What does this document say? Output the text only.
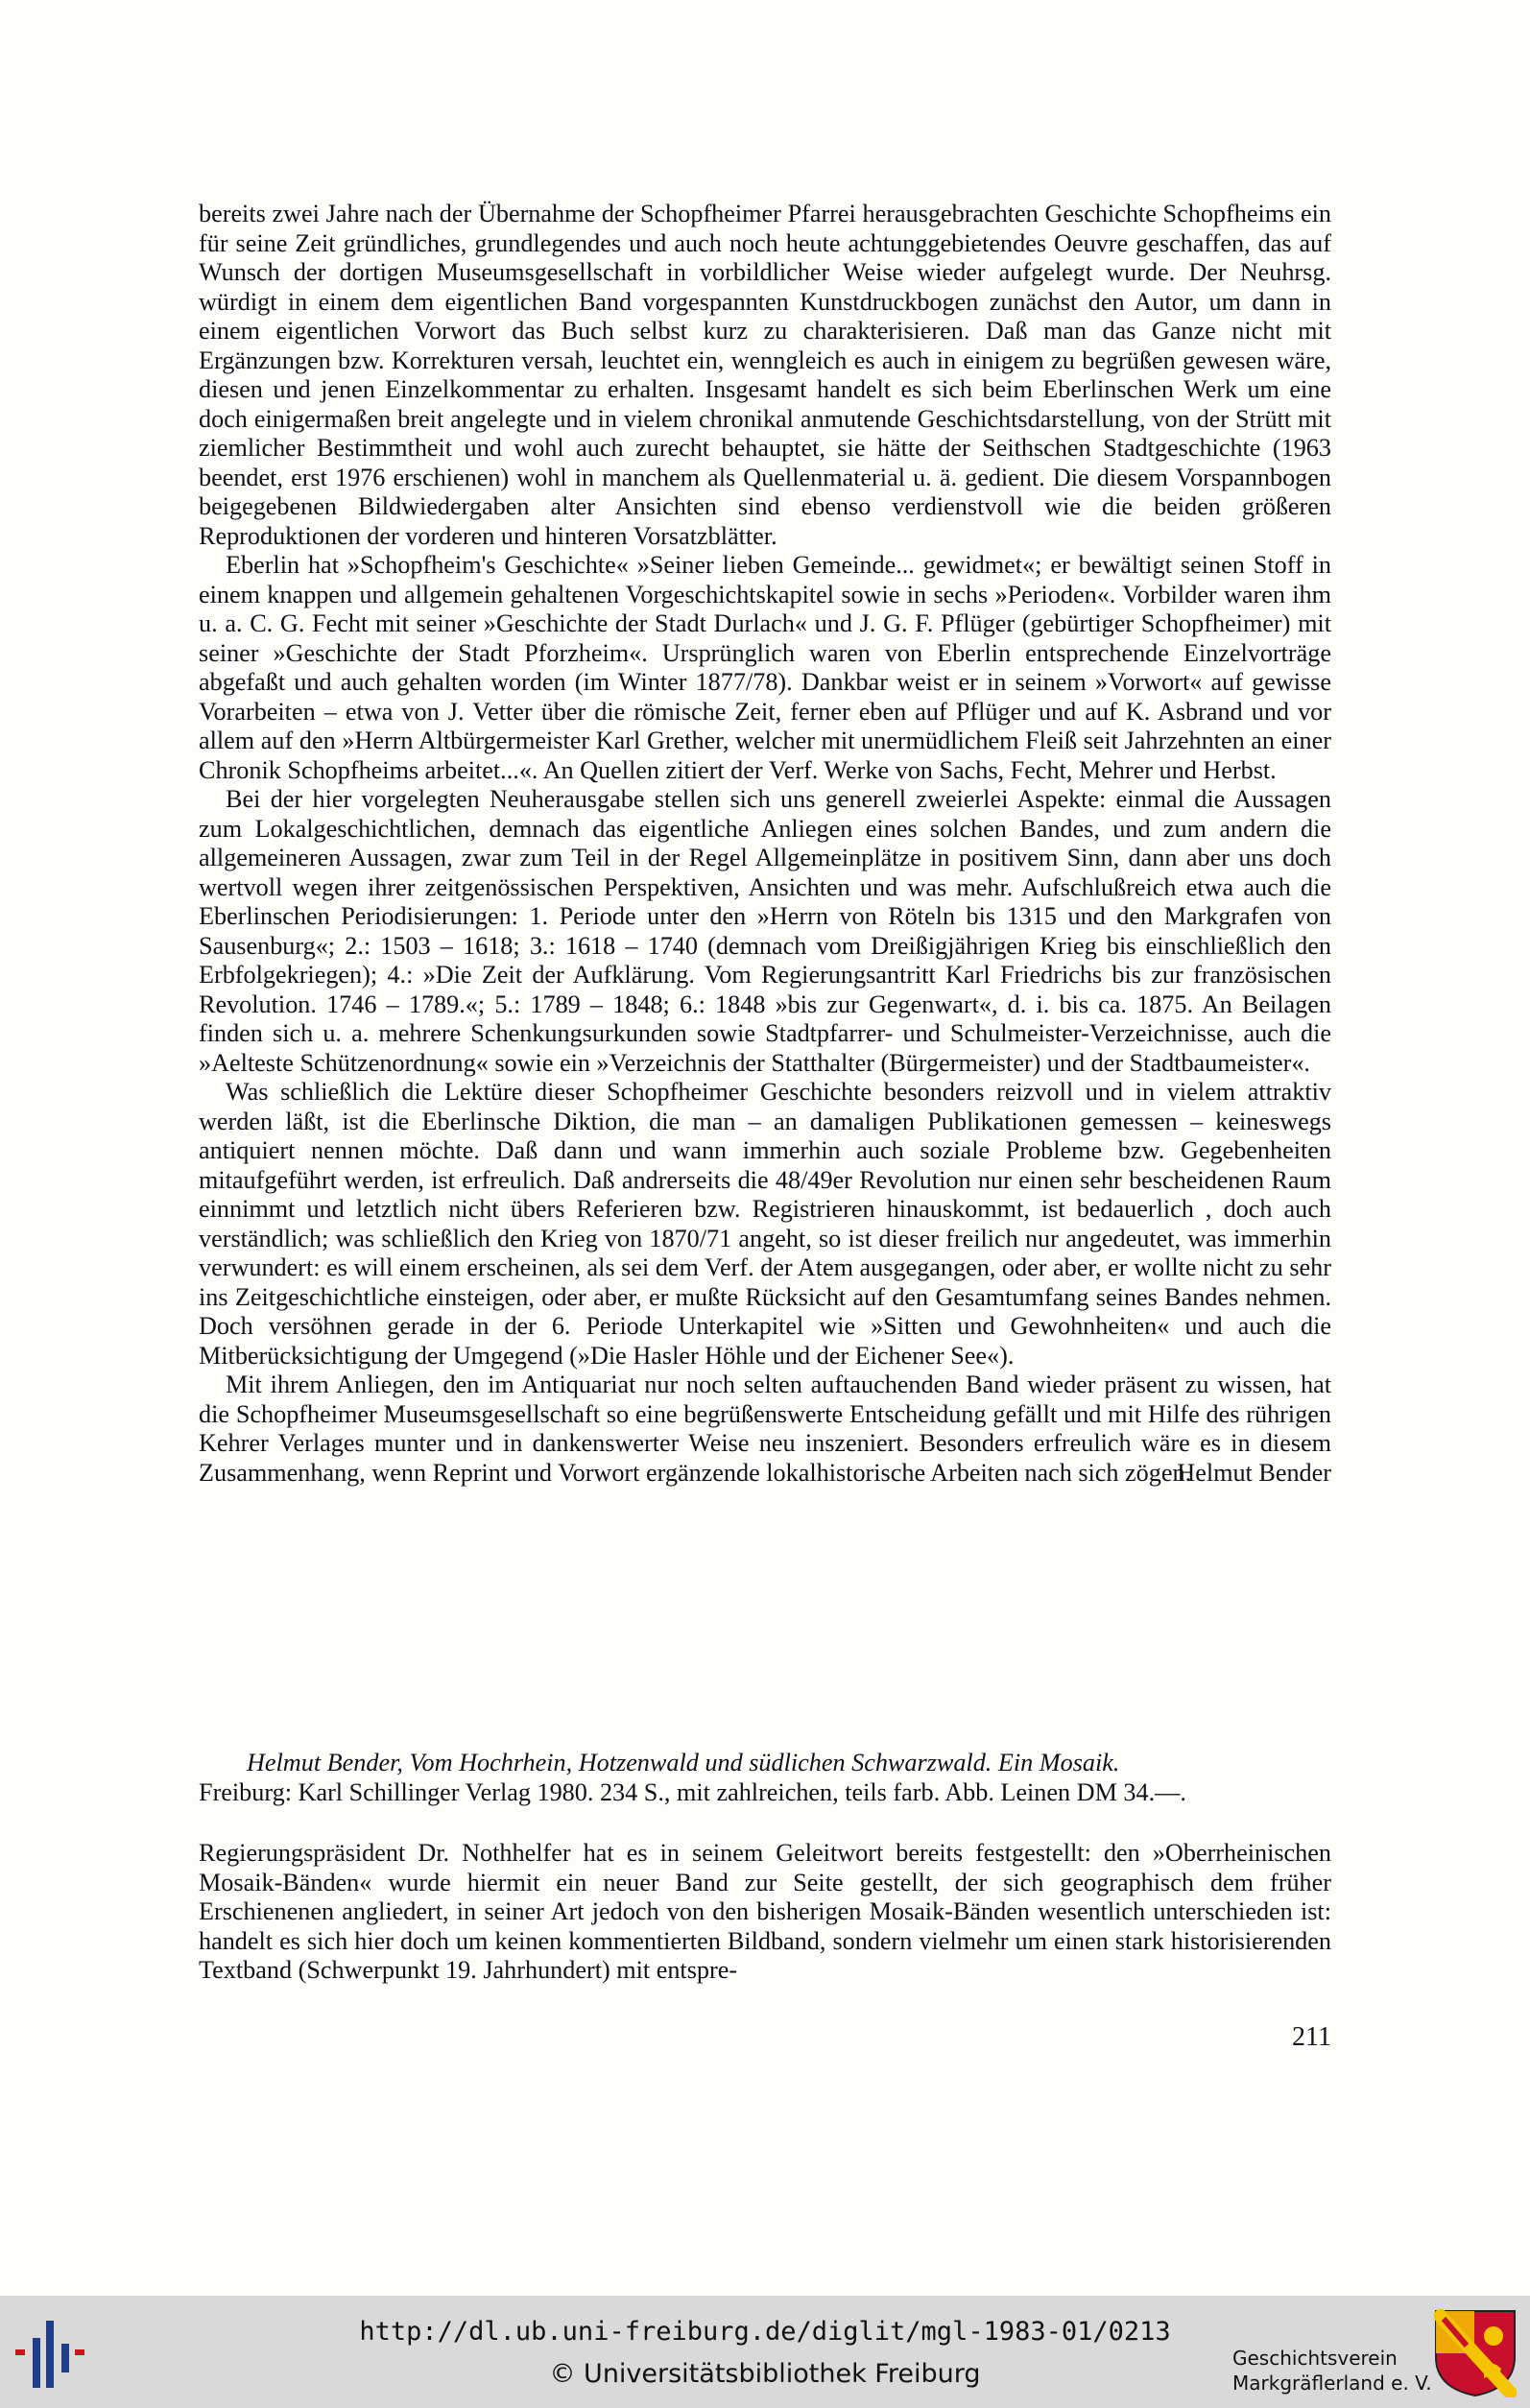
bereits zwei Jahre nach der Übernahme der Schopfheimer Pfarrei herausgebrachten Geschichte Schopfheims ein für seine Zeit gründliches, grundlegendes und auch noch heute achtunggebietendes Oeuvre geschaffen, das auf Wunsch der dortigen Museumsgesellschaft in vorbildlicher Weise wieder aufgelegt wurde. Der Neuhrsg. würdigt in einem dem eigentlichen Band vorgespannten Kunstdruckbogen zunächst den Autor, um dann in einem eigentlichen Vorwort das Buch selbst kurz zu charakterisieren. Daß man das Ganze nicht mit Ergänzungen bzw. Korrekturen versah, leuchtet ein, wenngleich es auch in einigem zu begrüßen gewesen wäre, diesen und jenen Einzelkommentar zu erhalten. Insgesamt handelt es sich beim Eberlinschen Werk um eine doch einigermaßen breit angelegte und in vielem chronikal anmutende Geschichtsdarstellung, von der Strütt mit ziemlicher Bestimmtheit und wohl auch zurecht behauptet, sie hätte der Seithschen Stadtgeschichte (1963 beendet, erst 1976 erschienen) wohl in manchem als Quellenmaterial u. ä. gedient. Die diesem Vorspannbogen beigegebenen Bildwiedergaben alter Ansichten sind ebenso verdienstvoll wie die beiden größeren Reproduktionen der vorderen und hinteren Vorsatzblätter.

Eberlin hat »Schopfheim's Geschichte« »Seiner lieben Gemeinde... gewidmet«; er bewältigt seinen Stoff in einem knappen und allgemein gehaltenen Vorgeschichtskapitel sowie in sechs »Perioden«. Vorbilder waren ihm u. a. C. G. Fecht mit seiner »Geschichte der Stadt Durlach« und J. G. F. Pflüger (gebürtiger Schopfheimer) mit seiner »Geschichte der Stadt Pforzheim«. Ursprünglich waren von Eberlin entsprechende Einzelvorträge abgefaßt und auch gehalten worden (im Winter 1877/78). Dankbar weist er in seinem »Vorwort« auf gewisse Vorarbeiten – etwa von J. Vetter über die römische Zeit, ferner eben auf Pflüger und auf K. Asbrand und vor allem auf den »Herrn Altbürgermeister Karl Grether, welcher mit unermüdlichem Fleiß seit Jahrzehnten an einer Chronik Schopfheims arbeitet...«. An Quellen zitiert der Verf. Werke von Sachs, Fecht, Mehrer und Herbst.

Bei der hier vorgelegten Neuherausgabe stellen sich uns generell zweierlei Aspekte: einmal die Aussagen zum Lokalgeschichtlichen, demnach das eigentliche Anliegen eines solchen Bandes, und zum andern die allgemeineren Aussagen, zwar zum Teil in der Regel Allgemeinplätze in positivem Sinn, dann aber uns doch wertvoll wegen ihrer zeitgenössischen Perspektiven, Ansichten und was mehr. Aufschlußreich etwa auch die Eberlinschen Periodisierungen: 1. Periode unter den »Herrn von Röteln bis 1315 und den Markgrafen von Sausenburg«; 2.: 1503 – 1618; 3.: 1618 – 1740 (demnach vom Dreißigjährigen Krieg bis einschließlich den Erbfolgekriegen); 4.: »Die Zeit der Aufklärung. Vom Regierungsantritt Karl Friedrichs bis zur französischen Revolution. 1746 – 1789.«; 5.: 1789 – 1848; 6.: 1848 »bis zur Gegenwart«, d. i. bis ca. 1875. An Beilagen finden sich u. a. mehrere Schenkungsurkunden sowie Stadtpfarrer- und Schulmeister-Verzeichnisse, auch die »Aelteste Schützenordnung« sowie ein »Verzeichnis der Statthalter (Bürgermeister) und der Stadtbaumeister«.

Was schließlich die Lektüre dieser Schopfheimer Geschichte besonders reizvoll und in vielem attraktiv werden läßt, ist die Eberlinsche Diktion, die man – an damaligen Publikationen gemessen – keineswegs antiquiert nennen möchte. Daß dann und wann immerhin auch soziale Probleme bzw. Gegebenheiten mitaufgeführt werden, ist erfreulich. Daß andrerseits die 48/49er Revolution nur einen sehr bescheidenen Raum einnimmt und letztlich nicht übers Referieren bzw. Registrieren hinauskommt, ist bedauerlich , doch auch verständlich; was schließlich den Krieg von 1870/71 angeht, so ist dieser freilich nur angedeutet, was immerhin verwundert: es will einem erscheinen, als sei dem Verf. der Atem ausgegangen, oder aber, er wollte nicht zu sehr ins Zeitgeschichtliche einsteigen, oder aber, er mußte Rücksicht auf den Gesamtumfang seines Bandes nehmen. Doch versöhnen gerade in der 6. Periode Unterkapitel wie »Sitten und Gewohnheiten« und auch die Mitberücksichtigung der Umgegend (»Die Hasler Höhle und der Eichener See«).

Mit ihrem Anliegen, den im Antiquariat nur noch selten auftauchenden Band wieder präsent zu wissen, hat die Schopfheimer Museumsgesellschaft so eine begrüßenswerte Entscheidung gefällt und mit Hilfe des rührigen Kehrer Verlages munter und in dankenswerter Weise neu inszeniert. Besonders erfreulich wäre es in diesem Zusammenhang, wenn Reprint und Vorwort ergänzende lokalhistorische Arbeiten nach sich zögen.

Helmut Bender
Helmut Bender, Vom Hochrhein, Hotzenwald und südlichen Schwarzwald. Ein Mosaik.
Freiburg: Karl Schillinger Verlag 1980. 234 S., mit zahlreichen, teils farb. Abb. Leinen DM 34.—.

Regierungspräsident Dr. Nothhelfer hat es in seinem Geleitwort bereits festgestellt: den »Oberrheinischen Mosaik-Bänden« wurde hiermit ein neuer Band zur Seite gestellt, der sich geographisch dem früher Erschienenen angliedert, in seiner Art jedoch von den bisherigen Mosaik-Bänden wesentlich unterschieden ist: handelt es sich hier doch um keinen kommentierten Bildband, sondern vielmehr um einen stark historisierenden Textband (Schwerpunkt 19. Jahrhundert) mit entspre-

211
http://dl.ub.uni-freiburg.de/diglit/mgl-1983-01/0213
© Universitätsbibliothek Freiburg
Geschichtsverein
Markgräflerland e. V.
